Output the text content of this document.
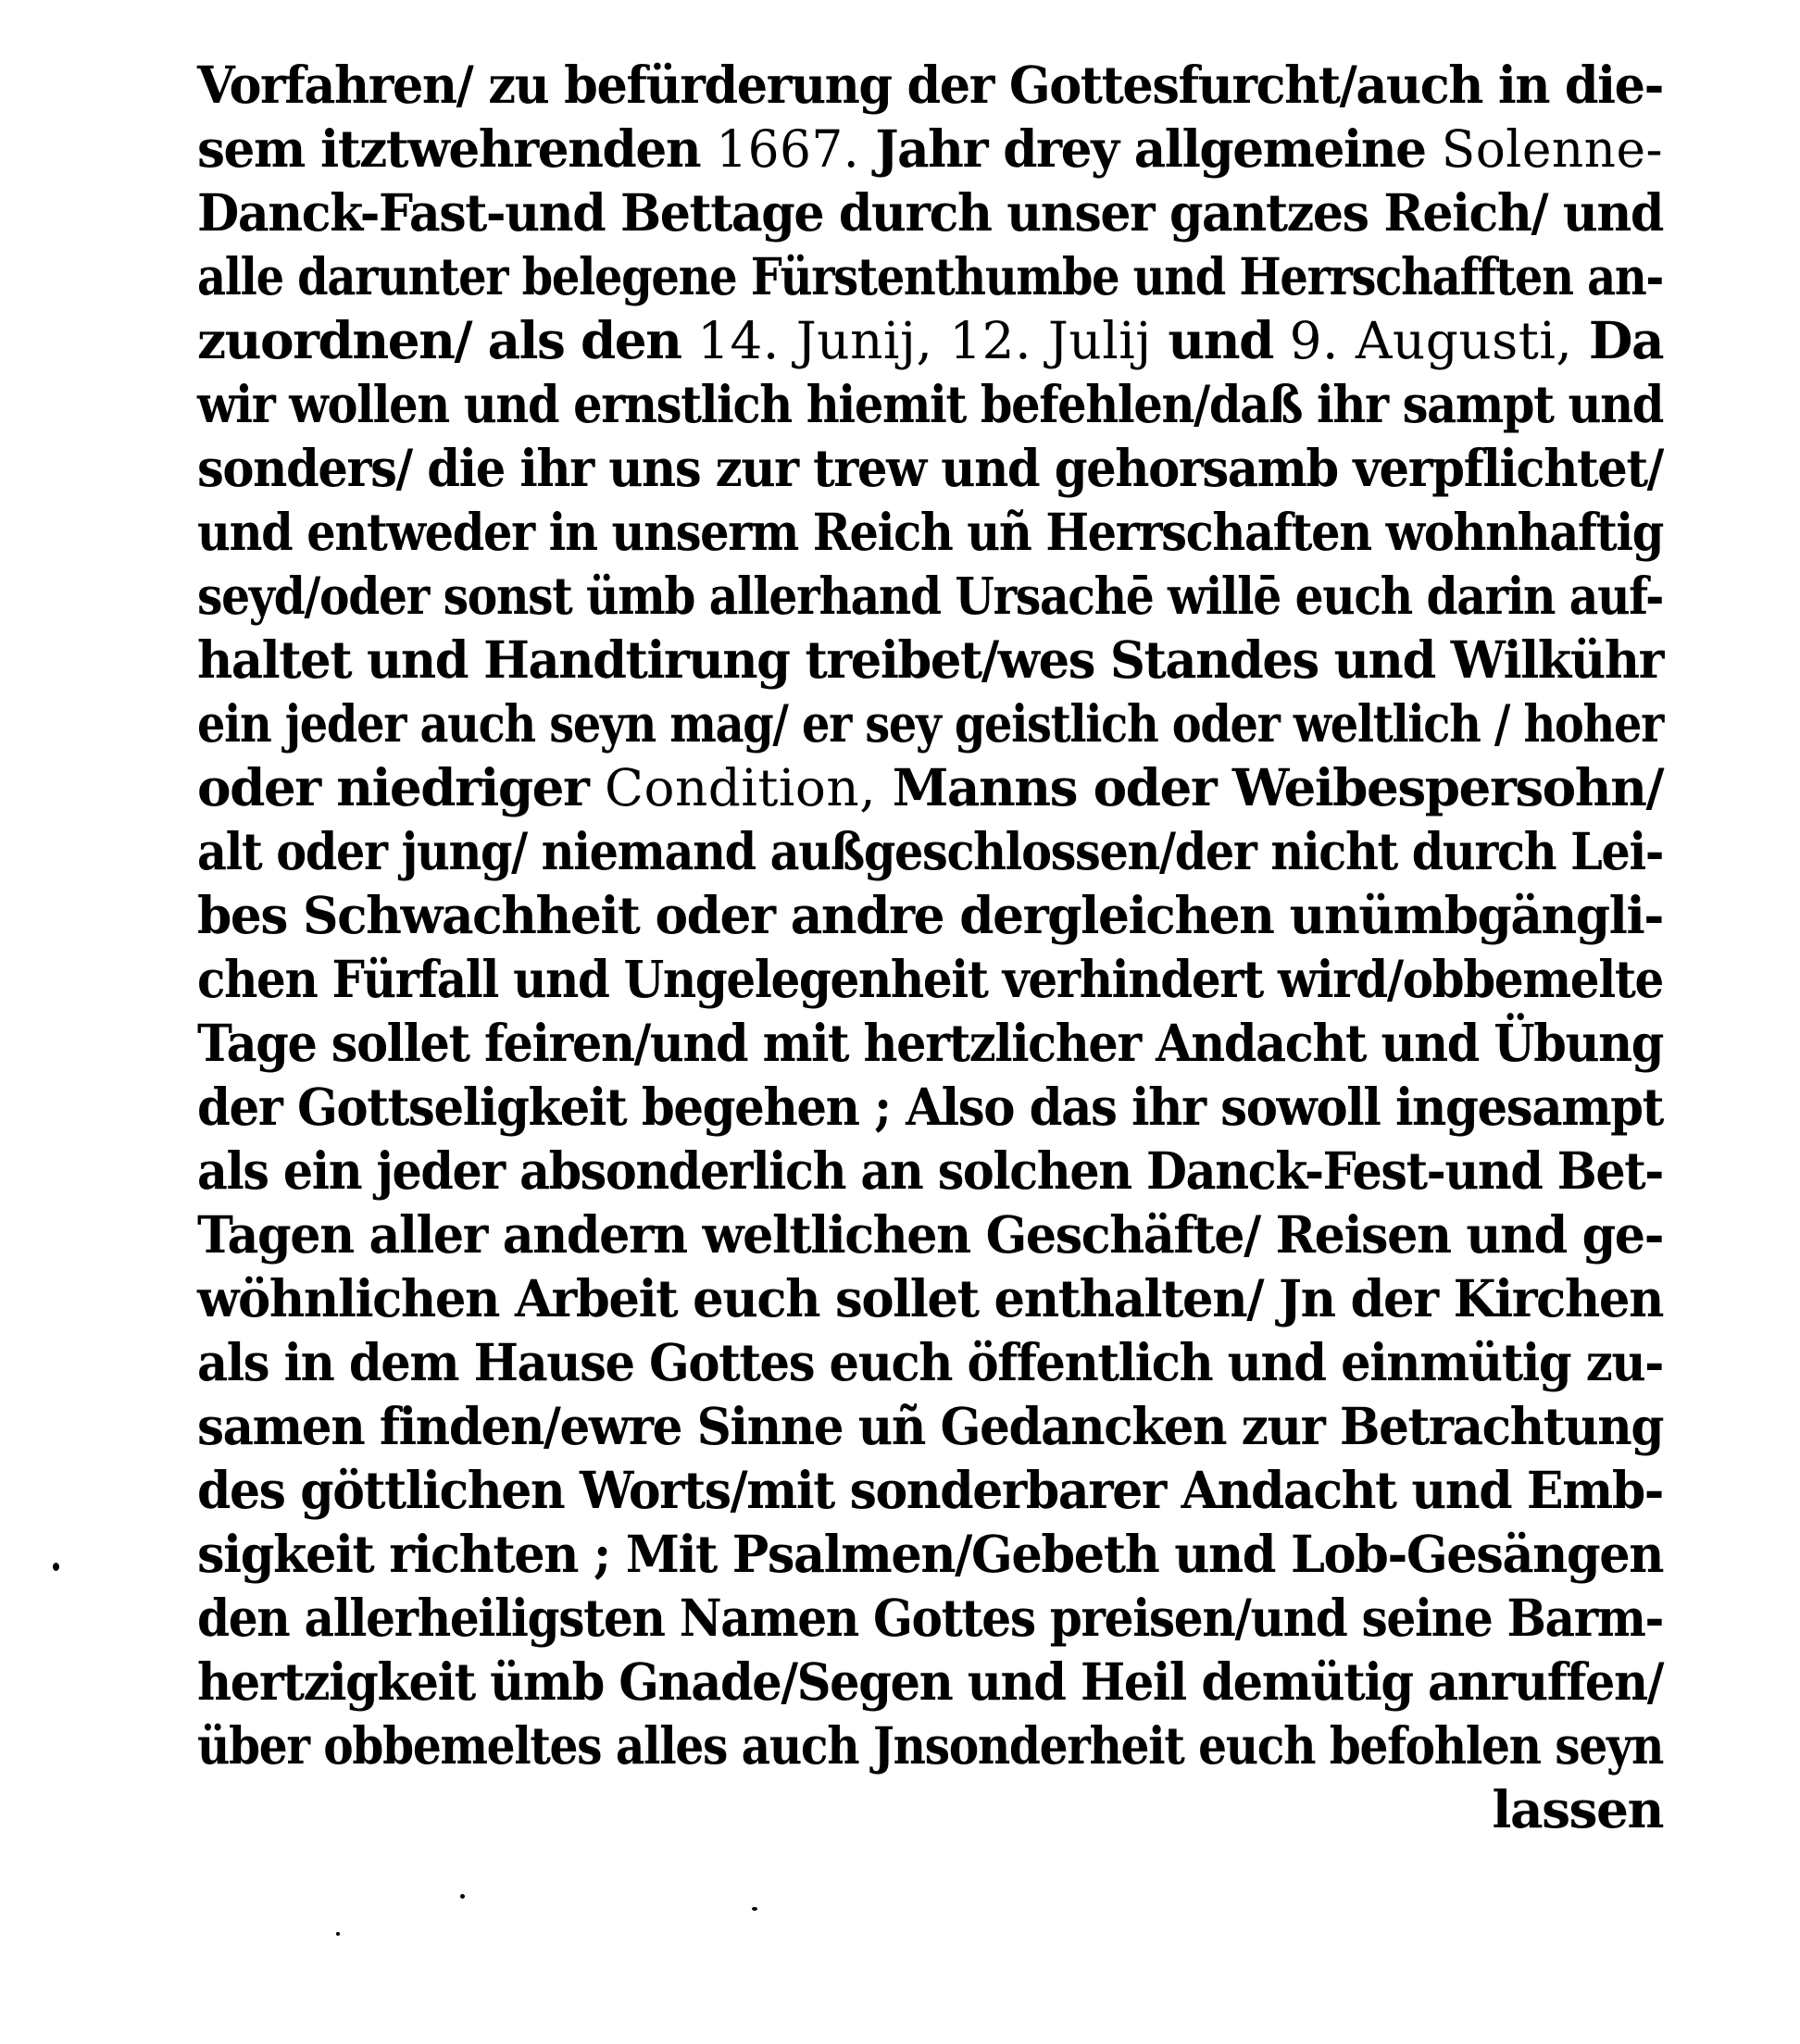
Vorfahren/ zu befürderung der Gottesfurcht/auch in die-
sem itztwehrenden 1667. Jahr drey allgemeine Solenne-
Danck-Fast-und Bettage durch unser gantzes Reich/ und
alle darunter belegene Fürstenthumbe und Herrschafften an-
zuordnen/ als den 14. Junij, 12. Julij und 9. Augusti, Da
wir wollen und ernstlich hiemit befehlen/daß ihr sampt und
sonders/ die ihr uns zur trew und gehorsamb verpflichtet/
und entweder in unserm Reich uñ Herrschaften wohnhaftig
seyd/oder sonst ümb allerhand Ursachē willē euch darin auf-
haltet und Handtirung treibet/wes Standes und Wilkühr
ein jeder auch seyn mag/ er sey geistlich oder weltlich / hoher
oder niedriger Condition, Manns oder Weibespersohn/
alt oder jung/ niemand außgeschlossen/der nicht durch Lei-
bes Schwachheit oder andre dergleichen unümbgängli-
chen Fürfall und Ungelegenheit verhindert wird/obbemelte
Tage sollet feiren/und mit hertzlicher Andacht und Übung
der Gottseligkeit begehen ; Also das ihr sowoll ingesampt
als ein jeder absonderlich an solchen Danck-Fest-und Bet-
Tagen aller andern weltlichen Geschäfte/ Reisen und ge-
wöhnlichen Arbeit euch sollet enthalten/ Jn der Kirchen
als in dem Hause Gottes euch öffentlich und einmütig zu-
samen finden/ewre Sinne uñ Gedancken zur Betrachtung
des göttlichen Worts/mit sonderbarer Andacht und Emb-
sigkeit richten ; Mit Psalmen/Gebeth und Lob-Gesängen
den allerheiligsten Namen Gottes preisen/und seine Barm-
hertzigkeit ümb Gnade/Segen und Heil demütig anruffen/
über obbemeltes alles auch Jnsonderheit euch befohlen seyn
lassen
